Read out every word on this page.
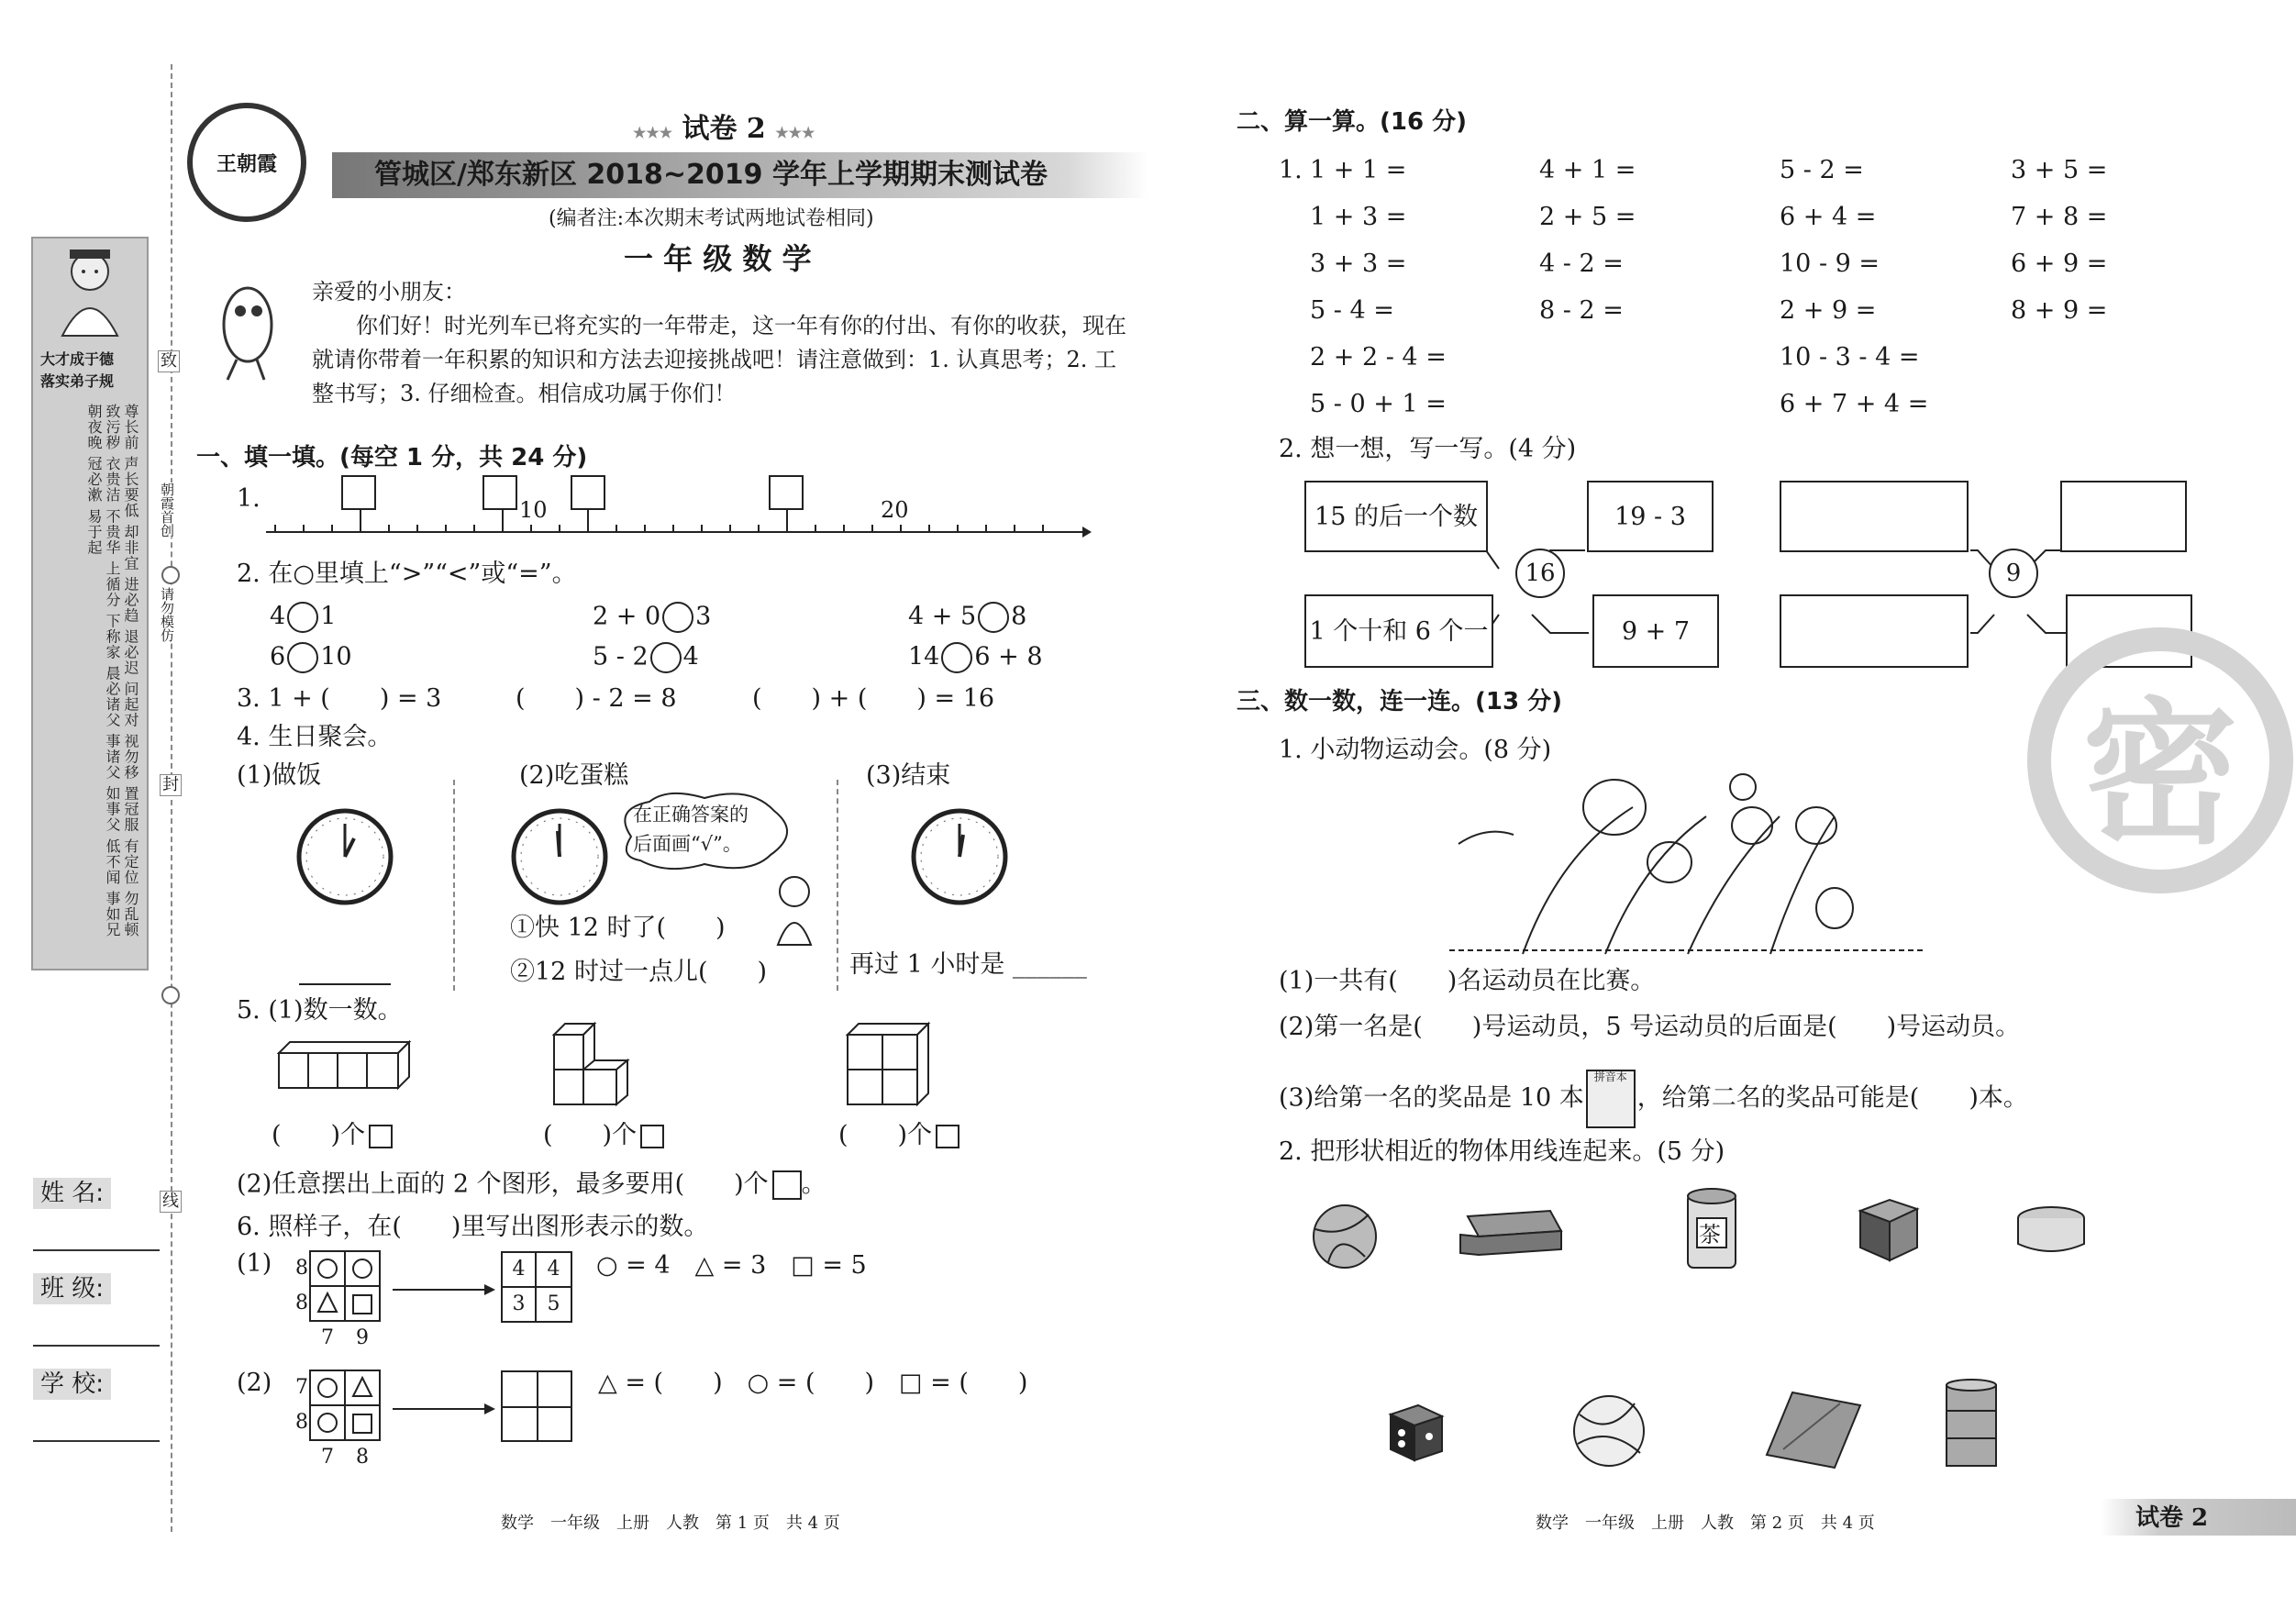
大才成于德
落实弟子规
尊长前 声长要低 却非宜 进必趋 退必迟 问起对 视勿移 置冠服 有定位 勿乱顿 致污秽 衣贵洁 不贵华 上循分 下称家 晨必诸父 事诸父 如事父 低不闻 事如兄 朝夜晚 冠必漱 易于起
致
朝霞首创
请勿模仿
封
线
姓 名:
班 级:
学 校:
王朝霞
★★★ 试卷 2 ★★★
管城区/郑东新区 2018~2019 学年上学期期末测试卷
(编者注:本次期末考试两地试卷相同)
一 年 级 数 学
亲爱的小朋友：
你们好！时光列车已将充实的一年带走，这一年有你的付出、有你的收获，现在
就请你带着一年积累的知识和方法去迎接挑战吧！请注意做到：1. 认真思考；2. 工
整书写；3. 仔细检查。相信成功属于你们！
一、填一填。(每空 1 分，共 24 分)
1.	10	20
2. 在○里填上“>”“<”或“=”。
4 1	2 + 0 3	4 + 5 8
6 10	5 - 2 4	14 6 + 8
3. 1 + (　　) = 3	(　　) - 2 = 8	(　　) + (　　) = 16
4. 生日聚会。
(1)做饭	(2)吃蛋糕	(3)结束
在正确答案的
后面画“√”。
①快 12 时了(　　)
②12 时过一点儿(　　)	再过 1 小时是 ______
5. (1)数一数。
(　　)个	(　　)个	(　　)个
(2)任意摆出上面的 2 个图形，最多要用(　　)个 。
6. 照样子，在(　　)里写出图形表示的数。
(1) 8
8
7 9
4	4
3	5
○ = 4　△ = 3　□ = 5
(2) 7
8
7 8
△ = (　　)　○ = (　　)　□ = (　　)
数学　一年级　上册　人教　第 1 页　共 4 页
二、算一算。(16 分)
1. 1 + 1 =	4 + 1 =	5 - 2 =	3 + 5 =
1 + 3 =	2 + 5 =	6 + 4 =	7 + 8 =
3 + 3 =	4 - 2 =	10 - 9 =	6 + 9 =
5 - 4 =	8 - 2 =	2 + 9 =	8 + 9 =
2 + 2 - 4 =	10 - 3 - 4 =
5 - 0 + 1 =	6 + 7 + 4 =
2. 想一想，写一写。(4 分)
15 的后一个数	19 - 3
1 个十和 6 个一	9 + 7
16	9
密
三、数一数，连一连。(13 分)
1. 小动物运动会。(8 分)
(1)一共有(　　)名运动员在比赛。
(2)第一名是(　　)号运动员，5 号运动员的后面是(　　)号运动员。
(3)给第一名的奖品是 10 本拼音本，给第二名的奖品可能是(　　)本。
2. 把形状相近的物体用线连起来。(5 分)
茶
数学　一年级　上册　人教　第 2 页　共 4 页	试卷 2
